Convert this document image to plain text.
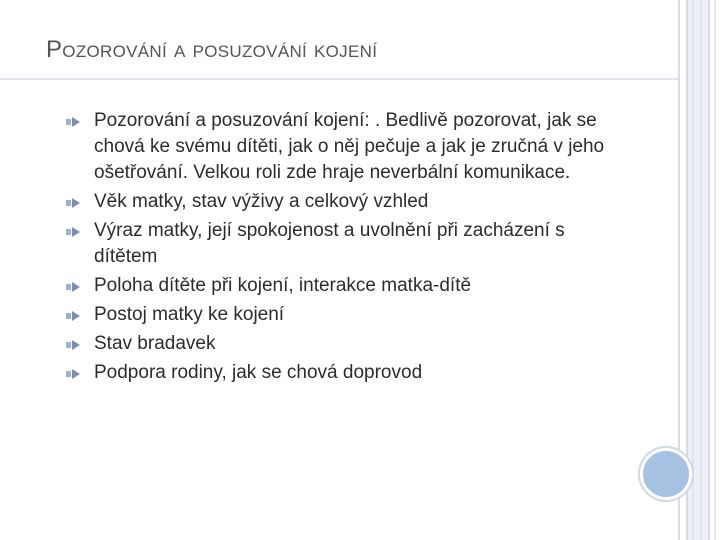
Pozorování a posuzování kojení
Pozorování a posuzování kojení: . Bedlivě pozorovat, jak se chová ke svému dítěti, jak o něj pečuje a jak je zručná v jeho ošetřování. Velkou roli zde hraje neverbální komunikace.
Věk matky, stav výživy a celkový vzhled
Výraz matky, její spokojenost a uvolnění při zacházení s dítětem
Poloha dítěte při kojení, interakce matka-dítě
Postoj matky ke kojení
Stav bradavek
Podpora rodiny, jak se chová doprovod
